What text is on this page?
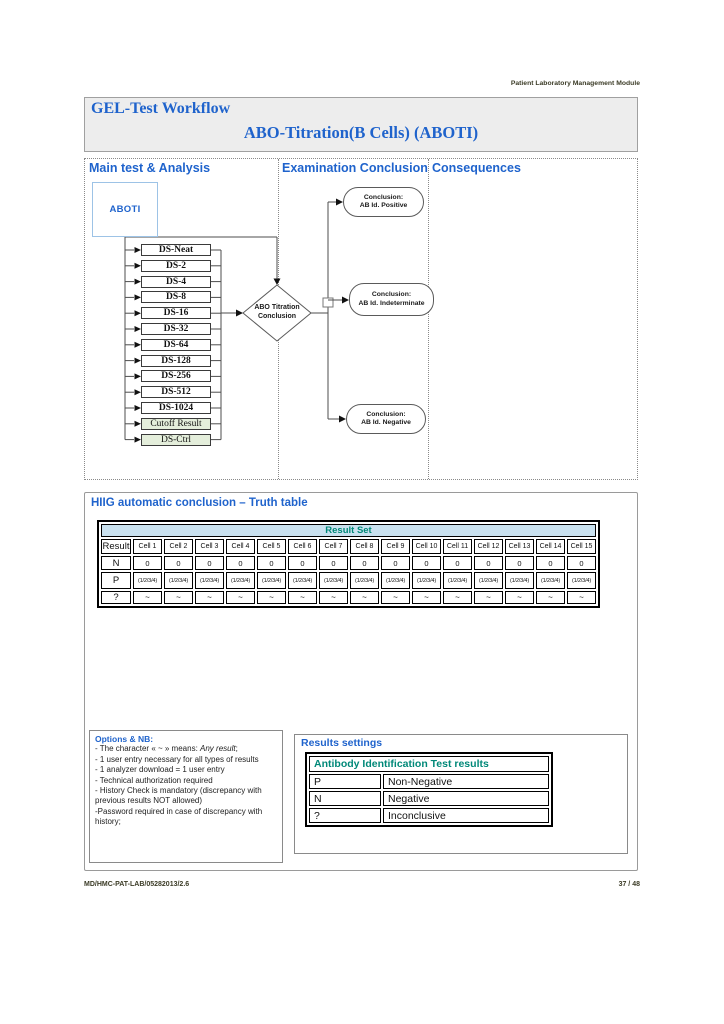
Patient Laboratory Management Module
GEL-Test Workflow
ABO-Titration(B Cells) (ABOTI)
Main test & Analysis	Examination Conclusion Consequences
ABOTI
ABO Titration
Conclusion
Conclusion:
AB Id. Positive
Conclusion:
AB Id. Indeterminate
Conclusion:
AB Id. Negative
DS-Neat
DS-2
DS-4
DS-8
DS-16
DS-32
DS-64
DS-128
DS-256
DS-512
DS-1024
Cutoff Result
DS-Ctrl
HIIG automatic conclusion – Truth table
Result Set															
Result	Cell 1	Cell 2	Cell 3	Cell 4	Cell 5	Cell 6	Cell 7	Cell 8	Cell 9	Cell 10	Cell 11	Cell 12	Cell 13	Cell 14	Cell 15
N	0	0	0	0	0	0	0	0	0	0	0	0	0	0	0
P	(1/2/3/4)	(1/2/3/4)	(1/2/3/4)	(1/2/3/4)	(1/2/3/4)	(1/2/3/4)	(1/2/3/4)	(1/2/3/4)	(1/2/3/4)	(1/2/3/4)	(1/2/3/4)	(1/2/3/4)	(1/2/3/4)	(1/2/3/4)	(1/2/3/4)
?	~	~	~	~	~	~	~	~	~	~	~	~	~	~	~
Options & NB:
- The character « ~ » means: Any result;
- 1 user entry necessary for all types of results
- 1 analyzer download = 1 user entry
- Technical authorization required
- History Check is mandatory (discrepancy with previous results NOT allowed)
-Password required in case of discrepancy with history;
Results settings
Antibody Identification Test results	
P	Non-Negative
N	Negative
?	Inconclusive
MD/HMC-PAT-LAB/05282013/2.6	37 / 48
